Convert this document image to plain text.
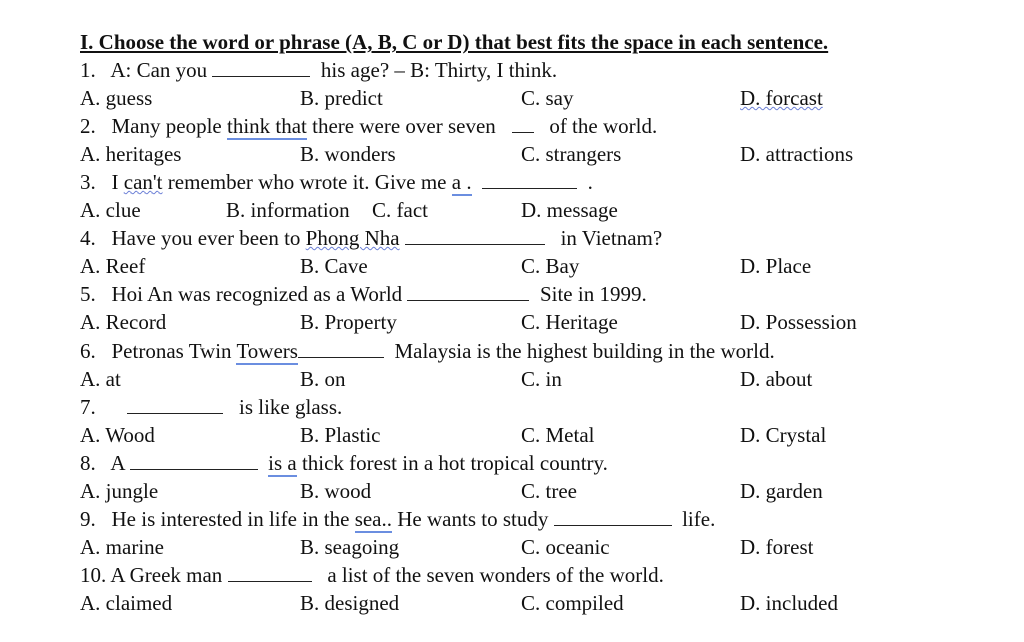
I. Choose the word or phrase (A, B, C or D) that best fits the space in each sentence.
1. A: Can you	his age? – B: Thirty, I think.
A. guess	B. predict	C. say	D. forcast
2. Many people think that there were over seven	of the world.
A. heritages	B. wonders	C. strangers	D. attractions
3. I can't remember who wrote it. Give me a .	.
A. clue	B. information C. fact	D. message
4. Have you ever been to Phong Nha	in Vietnam?
A. Reef	B. Cave	C. Bay	D. Place
5. Hoi An was recognized as a World	Site in 1999.
A. Record	B. Property	C. Heritage	D. Possession
6. Petronas Twin Towers	Malaysia is the highest building in the world.
A. at	B. on	C. in	D. about
7.	is like glass.
A. Wood	B. Plastic	C. Metal	D. Crystal
8. A	is a thick forest in a hot tropical country.
A. jungle	B. wood	C. tree	D. garden
9. He is interested in life in the sea.. He wants to study	life.
A. marine	B. seagoing	C. oceanic	D. forest
10. A Greek man	a list of the seven wonders of the world.
A. claimed	B. designed	C. compiled	D. included
